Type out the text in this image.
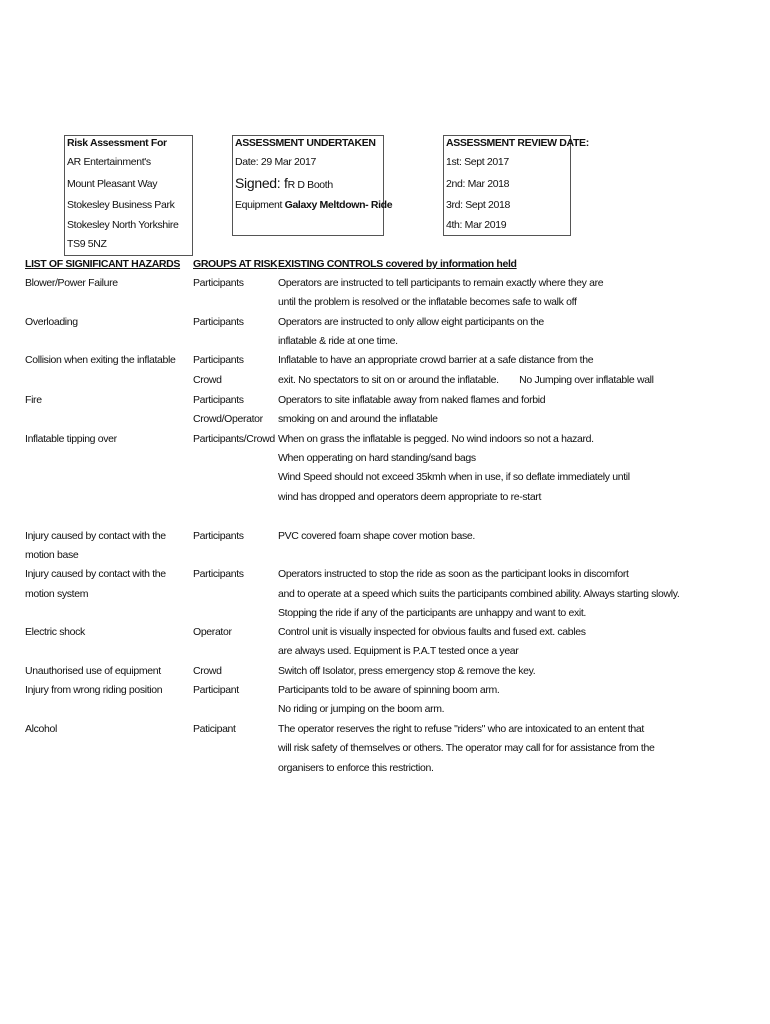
Risk Assessment For
AR Entertainment's
Mount Pleasant Way
Stokesley Business Park
Stokesley North Yorkshire
TS9 5NZ
ASSESSMENT UNDERTAKEN
Date: 29 Mar 2017
Signed: fR D Booth
Equipment Galaxy Meltdown- Ride
ASSESSMENT REVIEW DATE:
1st: Sept 2017
2nd: Mar 2018
3rd: Sept 2018
4th: Mar 2019
LIST OF SIGNIFICANT HAZARDS GROUPS AT RISK EXISTING CONTROLS covered by information held
Blower/Power Failure
Overloading
Collision when exiting the inflatable
Fire
Inflatable tipping over
Injury caused by contact with the
motion base
Injury caused by contact with the
motion system
Electric shock
Unauthorised use of equipment
Injury from wrong riding position
Alcohol
Participants
Participants
Participants
Crowd
Participants
Crowd/Operator
Participants/Crowd
Participants
Participants
Operator
Crowd
Participant
Paticipant
Operators are instructed to tell participants to remain exactly where they are
until the problem is resolved or the inflatable becomes safe to walk off
Operators are instructed to only allow eight participants on the
inflatable & ride at one time.
Inflatable to have an appropriate crowd barrier at a safe distance from the
exit. No spectators to sit on or around the inflatable.        No Jumping over inflatable wall
Operators to site inflatable away from naked flames and forbid
smoking on and around the inflatable
When on grass the inflatable is pegged. No wind indoors so not a hazard.
When opperating on hard standing/sand bags
Wind Speed should not exceed 35kmh when in use, if so deflate immediately until
wind has dropped and operators deem appropriate to re-start
PVC covered foam shape cover motion base.
Operators instructed to stop the ride as soon as the participant looks in discomfort
and to operate at a speed which suits the participants combined ability. Always starting slowly.
Stopping the ride if any of the participants are unhappy and want to exit.
Control unit is visually inspected for obvious faults and fused ext. cables
are always used. Equipment is P.A.T tested once a year
Switch off Isolator, press emergency stop & remove the key.
Participants told to be aware of spinning boom arm.
No riding or jumping on the boom arm.
The operator reserves the right to refuse "riders" who are intoxicated to an entent that
will risk safety of themselves or others. The operator may call for for assistance from the
organisers to enforce this restriction.
